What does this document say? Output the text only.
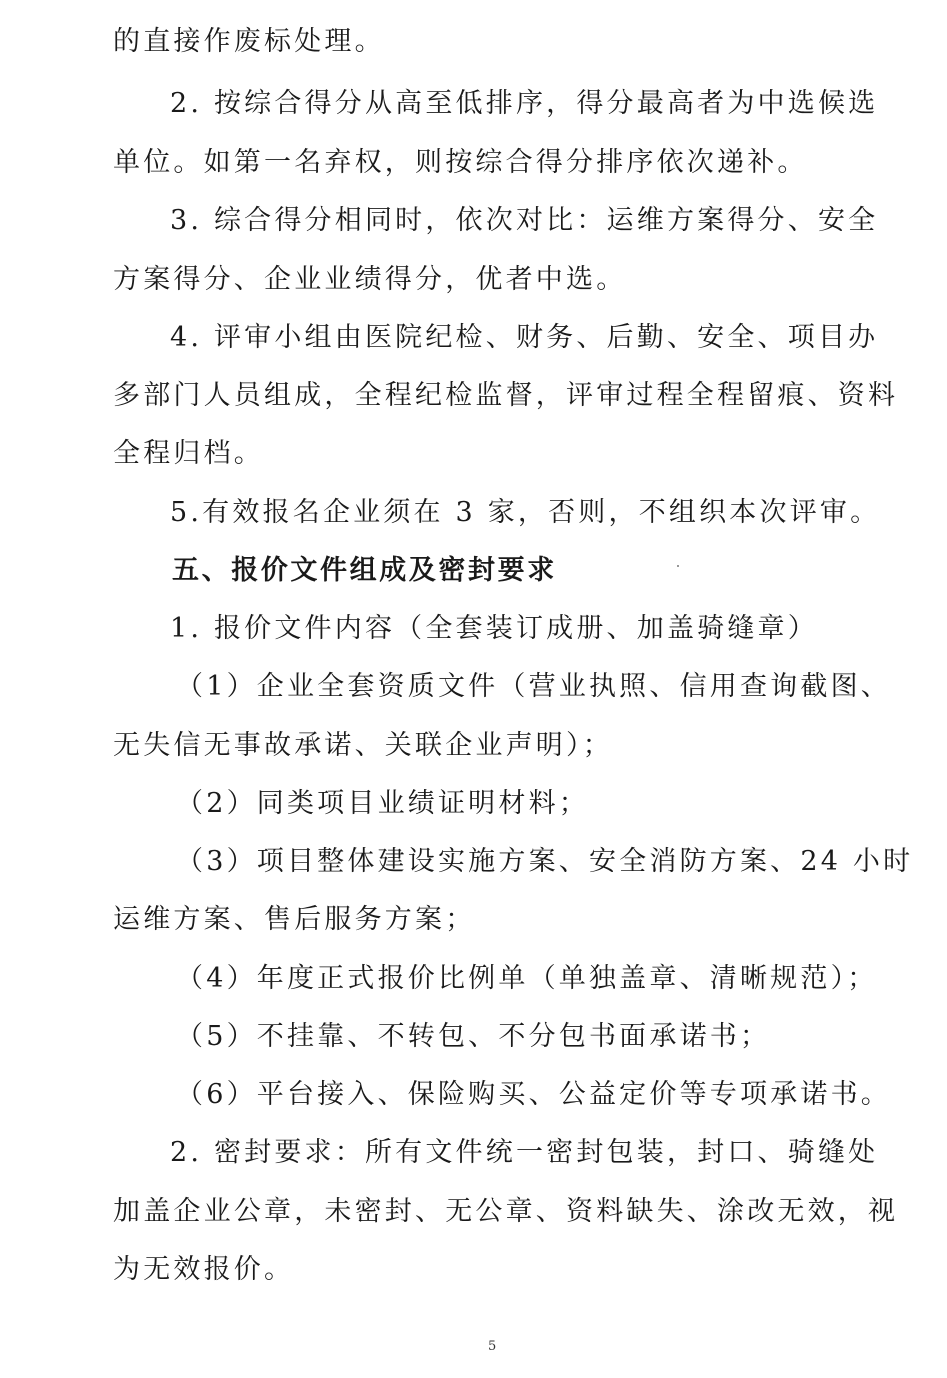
的直接作废标处理。
2. 按综合得分从高至低排序，得分最高者为中选候选
单位。如第一名弃权，则按综合得分排序依次递补。
3. 综合得分相同时，依次对比：运维方案得分、安全
方案得分、企业业绩得分，优者中选。
4. 评审小组由医院纪检、财务、后勤、安全、项目办
多部门人员组成，全程纪检监督，评审过程全程留痕、资料
全程归档。
5.有效报名企业须在 3 家，否则，不组织本次评审。
五、报价文件组成及密封要求
1. 报价文件内容（全套装订成册、加盖骑缝章）
（1）企业全套资质文件（营业执照、信用查询截图、
无失信无事故承诺、关联企业声明）；
（2）同类项目业绩证明材料；
（3）项目整体建设实施方案、安全消防方案、24 小时
运维方案、售后服务方案；
（4）年度正式报价比例单（单独盖章、清晰规范）；
（5）不挂靠、不转包、不分包书面承诺书；
（6）平台接入、保险购买、公益定价等专项承诺书。
2. 密封要求：所有文件统一密封包装，封口、骑缝处
加盖企业公章，未密封、无公章、资料缺失、涂改无效，视
为无效报价。
5
